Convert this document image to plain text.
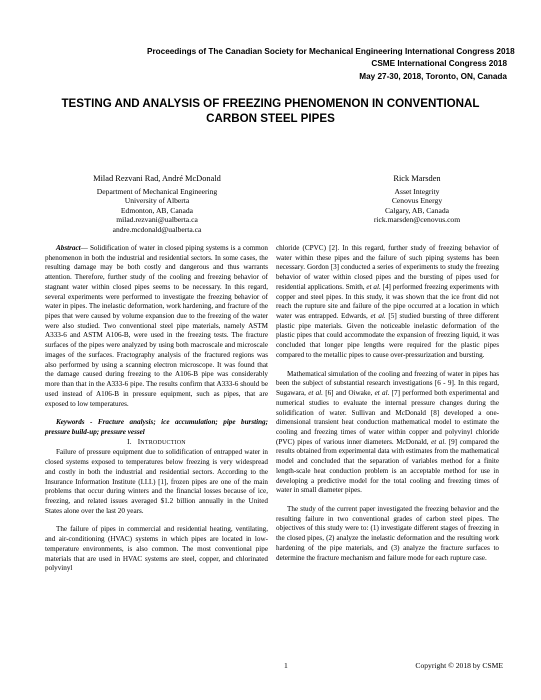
Proceedings of The Canadian Society for Mechanical Engineering International Congress 2018
CSME International Congress 2018
May 27-30, 2018, Toronto, ON, Canada
TESTING AND ANALYSIS OF FREEZING PHENOMENON IN CONVENTIONAL
CARBON STEEL PIPES
Milad Rezvani Rad, André McDonald
Department of Mechanical Engineering
University of Alberta
Edmonton, AB, Canada
milad.rezvani@ualberta.ca
andre.mcdonald@ualberta.ca
Rick Marsden
Asset Integrity
Cenovus Energy
Calgary, AB, Canada
rick.marsden@cenovus.com

Abstract— Solidification of water in closed piping systems is a common phenomenon in both the industrial and residential sectors. In some cases, the resulting damage may be both costly and dangerous and thus warrants attention. Therefore, further study of the cooling and freezing behavior of stagnant water within closed pipes seems to be necessary. In this regard, several experiments were performed to investigate the freezing behavior of water in pipes. The inelastic deformation, work hardening, and fracture of the pipes that were caused by volume expansion due to the freezing of the water were also studied. Two conventional steel pipe materials, namely ASTM A333-6 and ASTM A106-B, were used in the freezing tests. The fracture surfaces of the pipes were analyzed by using both macroscale and microscale images of the surfaces. Fractography analysis of the fractured regions was also performed by using a scanning electron microscope. It was found that the damage caused during freezing to the A106-B pipe was considerably more than that in the A333-6 pipe. The results confirm that A333-6 should be used instead of A106-B in pressure equipment, such as pipes, that are exposed to low temperatures.

Keywords - Fracture analysis; ice accumulation; pipe bursting; pressure build-up; pressure vessel

I. INTRODUCTION

Failure of pressure equipment due to solidification of entrapped water in closed systems exposed to temperatures below freezing is very widespread and costly in both the industrial and residential sectors. According to the Insurance Information Institute (I.I.I.) [1], frozen pipes are one of the main problems that occur during winters and the financial losses because of ice, freezing, and related issues averaged $1.2 billion annually in the United States alone over the last 20 years.

The failure of pipes in commercial and residential heating, ventilating, and air-conditioning (HVAC) systems in which pipes are located in low-temperature environments, is also common. The most conventional pipe materials that are used in HVAC systems are steel, copper, and chlorinated polyvinyl

chloride (CPVC) [2]. In this regard, further study of freezing behavior of water within these pipes and the failure of such piping systems has been necessary. Gordon [3] conducted a series of experiments to study the freezing behavior of water within closed pipes and the bursting of pipes used for residential applications. Smith, et al. [4] performed freezing experiments with copper and steel pipes. In this study, it was shown that the ice front did not reach the rupture site and failure of the pipe occurred at a location in which water was entrapped. Edwards, et al. [5] studied bursting of three different plastic pipe materials. Given the noticeable inelastic deformation of the plastic pipes that could accommodate the expansion of freezing liquid, it was concluded that longer pipe lengths were required for the plastic pipes compared to the metallic pipes to cause over-pressurization and bursting.

Mathematical simulation of the cooling and freezing of water in pipes has been the subject of substantial research investigations [6 - 9]. In this regard, Sugawara, et al. [6] and Oiwake, et al. [7] performed both experimental and numerical studies to evaluate the internal pressure changes during the solidification of water. Sullivan and McDonald [8] developed a one-dimensional transient heat conduction mathematical model to estimate the cooling and freezing times of water within copper and polyvinyl chloride (PVC) pipes of various inner diameters. McDonald, et al. [9] compared the results obtained from experimental data with estimates from the mathematical model and concluded that the separation of variables method for a finite length-scale heat conduction problem is an acceptable method for use in developing a predictive model for the total cooling and freezing times of water in small diameter pipes.

The study of the current paper investigated the freezing behavior and the resulting failure in two conventional grades of carbon steel pipes. The objectives of this study were to: (1) investigate different stages of freezing in the closed pipes, (2) analyze the inelastic deformation and the resulting work hardening of the pipe materials, and (3) analyze the fracture surfaces to determine the fracture mechanism and failure mode for each rupture case.

1	Copyright © 2018 by CSME
